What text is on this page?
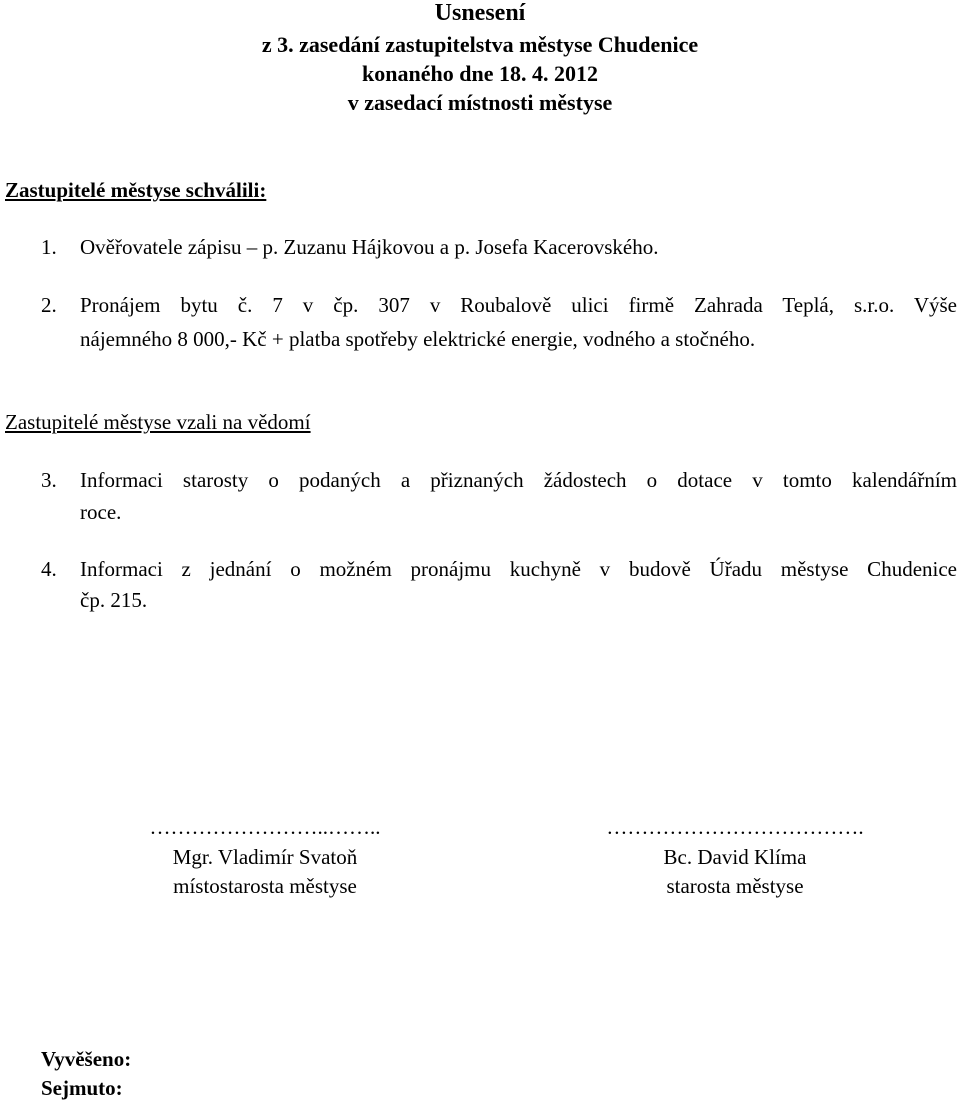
Usnesení
z 3. zasedání zastupitelstva městyse Chudenice
konaného dne 18. 4. 2012
v zasedací místnosti městyse
Zastupitelé městyse schválili:
1. Ověřovatele zápisu – p. Zuzanu Hájkovou a p. Josefa Kacerovského.
2. Pronájem bytu č. 7 v čp. 307 v Roubalově ulici firmě Zahrada Teplá, s.r.o. Výše
nájemného 8 000,- Kč + platba spotřeby elektrické energie, vodného a stočného.
Zastupitelé městyse vzali na vědomí
3. Informaci starosty o podaných a přiznaných žádostech o dotace v tomto kalendářním
roce.
4. Informaci z jednání o možném pronájmu kuchyně v budově Úřadu městyse Chudenice
čp. 215.
……………………..……..
Mgr. Vladimír Svatoň
místostarosta městyse
……………………………….
Bc. David Klíma
starosta městyse
Vyvěšeno:
Sejmuto:
